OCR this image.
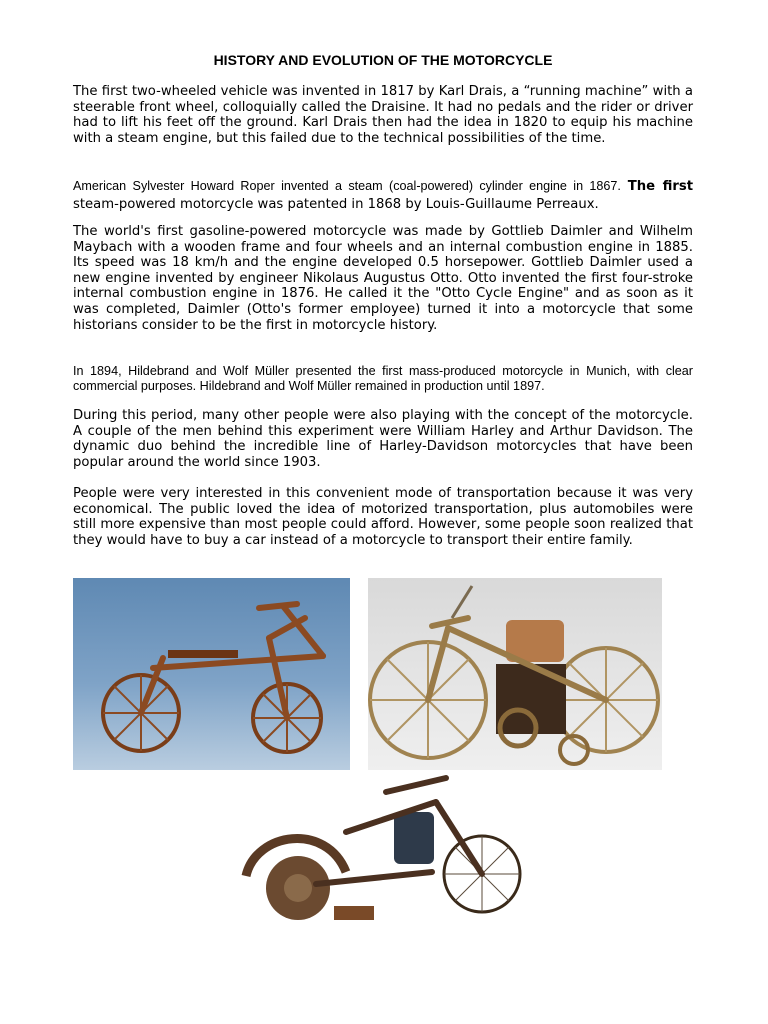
HISTORY AND EVOLUTION OF THE MOTORCYCLE

The first two-wheeled vehicle was invented in 1817 by Karl Drais, a “running machine” with a steerable front wheel, colloquially called the Draisine. It had no pedals and the rider or driver had to lift his feet off the ground. Karl Drais then had the idea in 1820 to equip his machine with a steam engine, but this failed due to the technical possibilities of the time.

American Sylvester Howard Roper invented a steam (coal-powered) cylinder engine in 1867. The first steam-powered motorcycle was patented in 1868 by Louis-Guillaume Perreaux.

The world's first gasoline-powered motorcycle was made by Gottlieb Daimler and Wilhelm Maybach with a wooden frame and four wheels and an internal combustion engine in 1885. Its speed was 18 km/h and the engine developed 0.5 horsepower. Gottlieb Daimler used a new engine invented by engineer Nikolaus Augustus Otto. Otto invented the first four-stroke internal combustion engine in 1876. He called it the "Otto Cycle Engine" and as soon as it was completed, Daimler (Otto's former employee) turned it into a motorcycle that some historians consider to be the first in motorcycle history.

In 1894, Hildebrand and Wolf Müller presented the first mass-produced motorcycle in Munich, with clear commercial purposes. Hildebrand and Wolf Müller remained in production until 1897.

During this period, many other people were also playing with the concept of the motorcycle. A couple of the men behind this experiment were William Harley and Arthur Davidson. The dynamic duo behind the incredible line of Harley-Davidson motorcycles that have been popular around the world since 1903.

People were very interested in this convenient mode of transportation because it was very economical. The public loved the idea of motorized transportation, plus automobiles were still more expensive than most people could afford. However, some people soon realized that they would have to buy a car instead of a motorcycle to transport their entire family.
